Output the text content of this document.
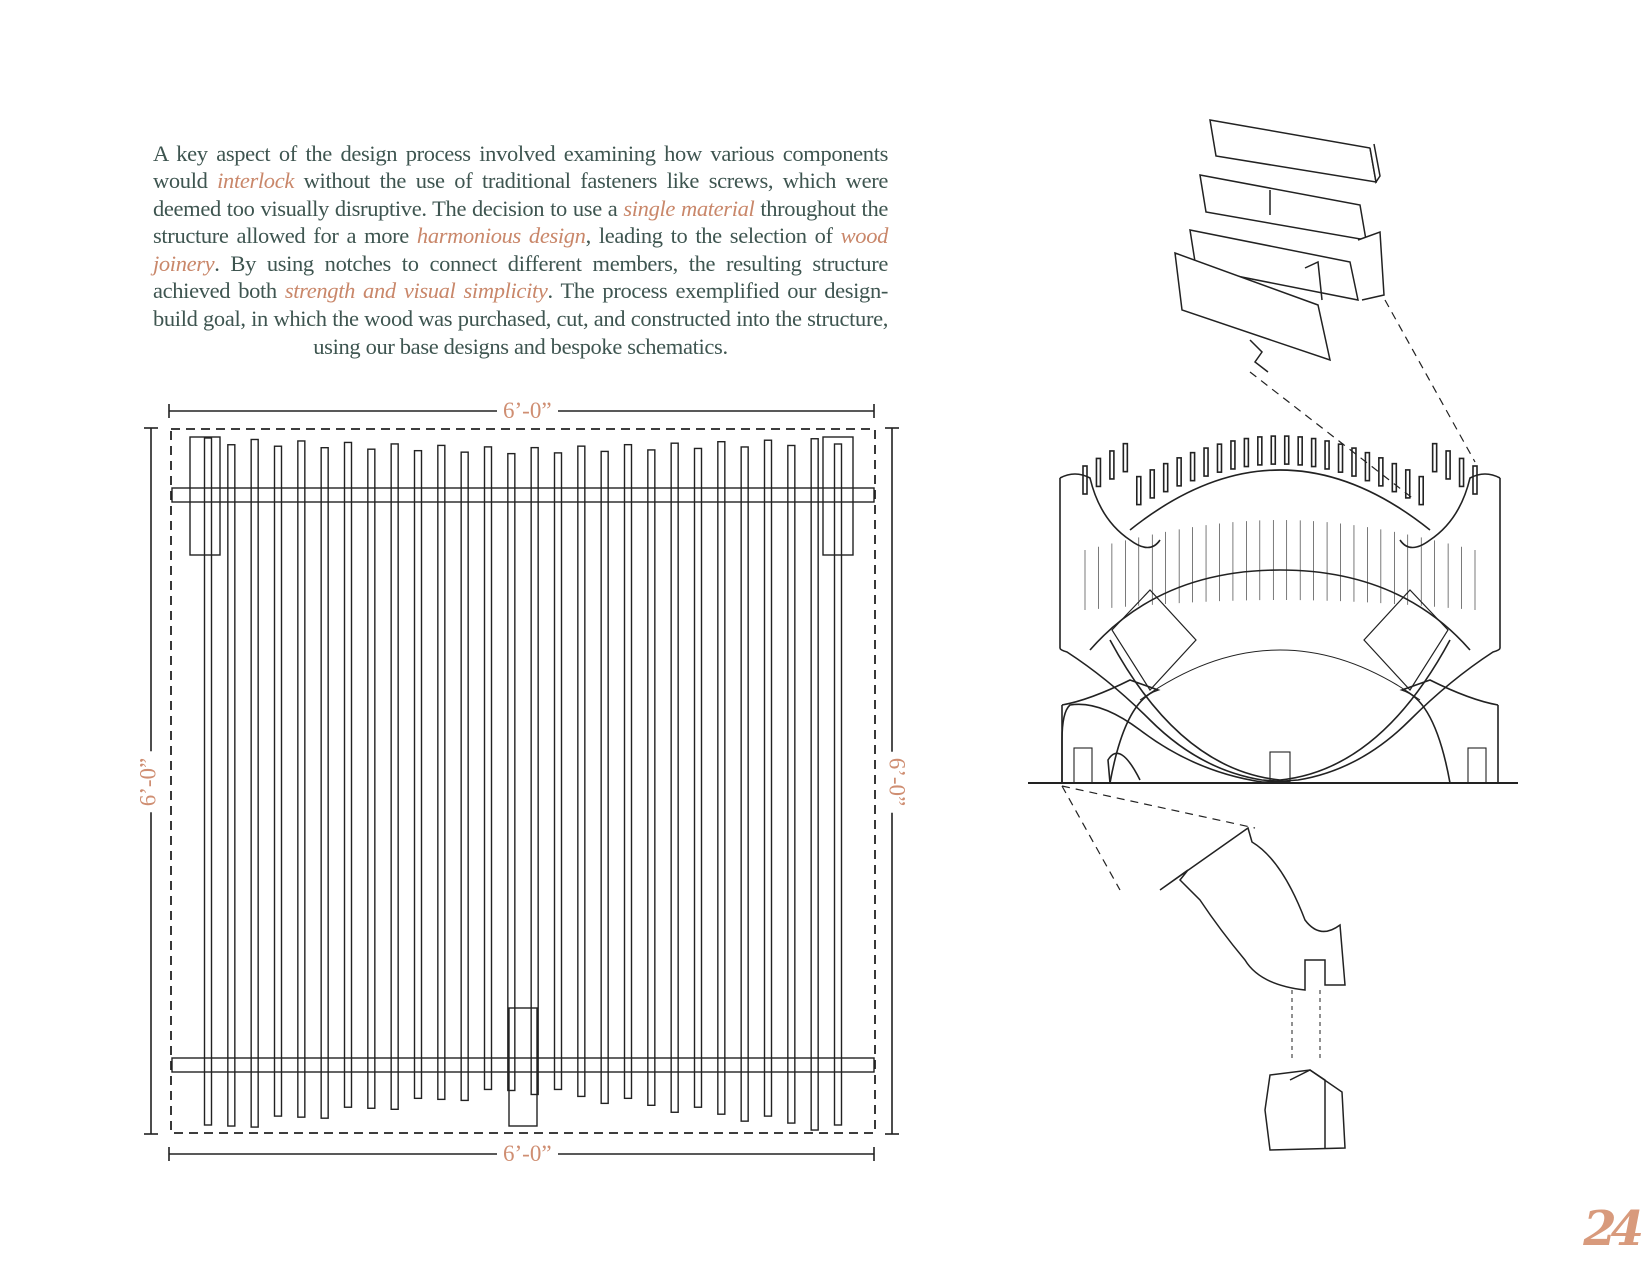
A key aspect of the design process involved examining how various components would interlock without the use of traditional fasteners like screws, which were deemed too visually disruptive. The decision to use a single material throughout the structure allowed for a more harmonious design, leading to the selection of wood joinery. By using notches to connect different members, the resulting structure achieved both strength and visual simplicity. The process exemplified our design-build goal, in which the wood was purchased, cut, and constructed into the structure, using our base designs and bespoke schematics.

6’-0”
6’-0”
6’-0”	6’-0”
24
